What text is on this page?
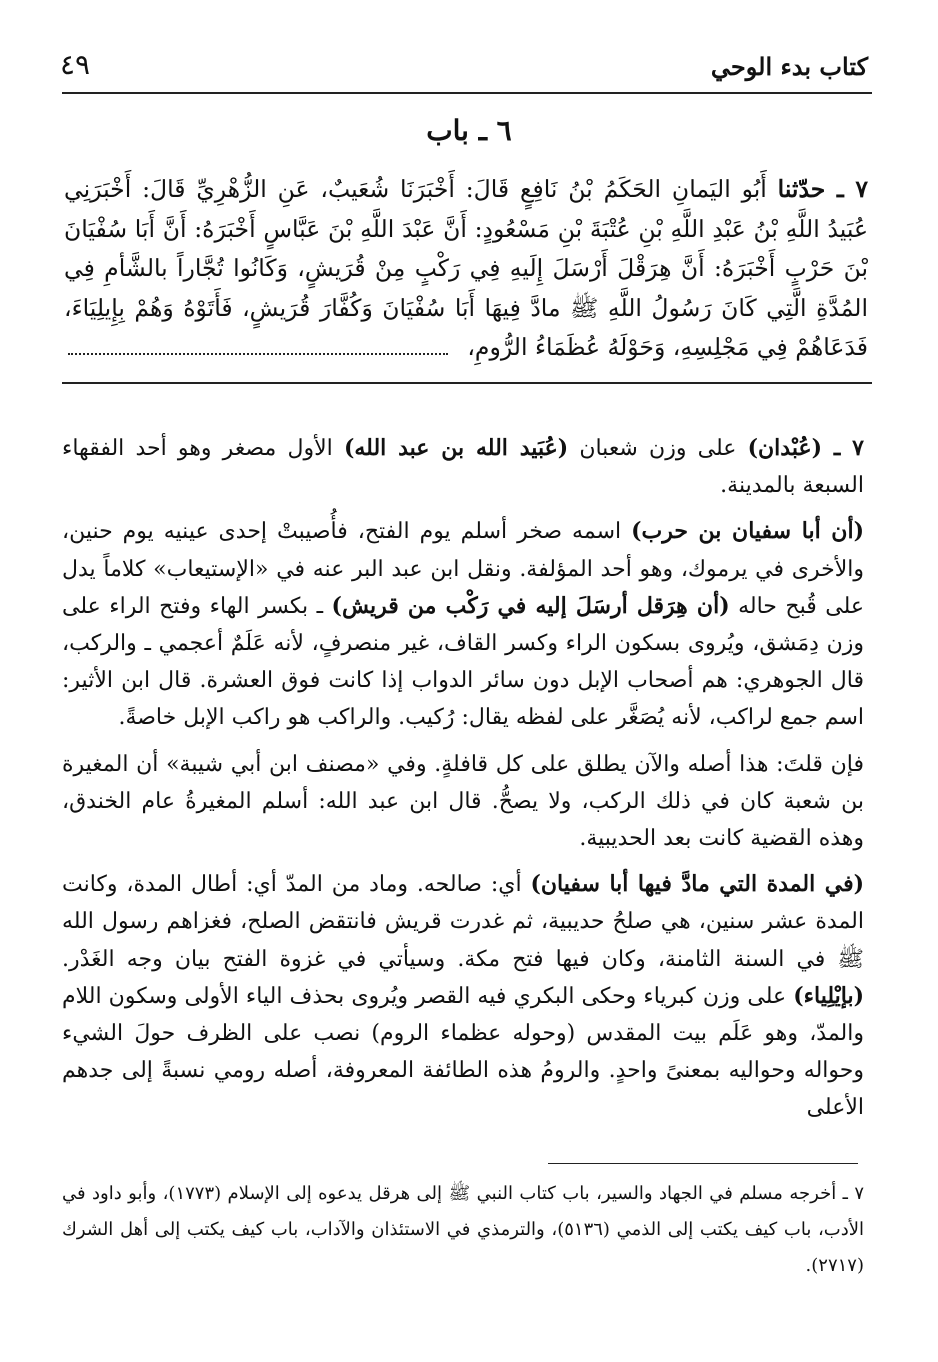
كتاب بدء الوحي
٤٩
٦ ـ باب
٧ ـ حدّثنا أَبُو اليَمانِ الحَكَمُ بْنُ نَافِعٍ قَالَ: أَخْبَرَنَا شُعَيبٌ، عَنِ الزُّهْرِيِّ قَالَ: أَخْبَرَنِي عُبَيدُ اللَّهِ بْنُ عَبْدِ اللَّهِ بْنِ عُتْبَةَ بْنِ مَسْعُودٍ: أَنَّ عَبْدَ اللَّهِ بْنَ عَبَّاسٍ أَخْبَرَهُ: أَنَّ أَبَا سُفْيَانَ بْنَ حَرْبٍ أَخْبَرَهُ: أَنَّ هِرَقْلَ أَرْسَلَ إِلَيهِ فِي رَكْبٍ مِنْ قُرَيشٍ، وَكَانُوا تُجَّاراً بالشَّأمِ فِي المُدَّةِ الَّتِي كَانَ رَسُولُ اللَّهِ ﷺ مادَّ فِيهَا أَبَا سُفْيَانَ وَكُفَّارَ قُرَيشٍ، فَأَتَوْهُ وَهُمْ بِإِيلِيَاءَ، فَدَعَاهُمْ فِي مَجْلِسِهِ، وَحَوْلَهُ عُظَمَاءُ الرُّومِ،

٧ ـ (عُبْدان) على وزن شعبان (عُبَيد الله بن عبد الله) الأول مصغر وهو أحد الفقهاء السبعة بالمدينة.

(أن أبا سفيان بن حرب) اسمه صخر أسلم يوم الفتح، فأُصيبتْ إحدى عينيه يوم حنين، والأخرى في يرموك، وهو أحد المؤلفة. ونقل ابن عبد البر عنه في «الإستيعاب» كلاماً يدل على قُبح حاله (أن هِرَقل أرسَلَ إليه في رَكْب من قريش) ـ بكسر الهاء وفتح الراء على وزن دِمَشق، ويُروى بسكون الراء وكسر القاف، غير منصرفٍ، لأنه عَلَمٌ أعجمي ـ والركب، قال الجوهري: هم أصحاب الإبل دون سائر الدواب إذا كانت فوق العشرة. قال ابن الأثير: اسم جمع لراكب، لأنه يُصَغَّر على لفظه يقال: رُكيب. والراكب هو راكب الإبل خاصةً.

فإن قلتَ: هذا أصله والآن يطلق على كل قافلةٍ. وفي «مصنف ابن أبي شيبة» أن المغيرة بن شعبة كان في ذلك الركب، ولا يصحُّ. قال ابن عبد الله: أسلم المغيرةُ عام الخندق، وهذه القضية كانت بعد الحديبية.

(في المدة التي مادَّ فيها أبا سفيان) أي: صالحه. وماد من المدّ أي: أطال المدة، وكانت المدة عشر سنين، هي صلحُ حديبية، ثم غدرت قريش فانتقض الصلح، فغزاهم رسول الله ﷺ في السنة الثامنة، وكان فيها فتح مكة. وسيأتي في غزوة الفتح بيان وجه الغَدْر. (بإيْلِياء) على وزن كبرياء وحكى البكري فيه القصر ويُروى بحذف الياء الأولى وسكون اللام والمدّ، وهو عَلَم بيت المقدس (وحوله عظماء الروم) نصب على الظرف حولَ الشيء وحواله وحواليه بمعنىً واحدٍ. والرومُ هذه الطائفة المعروفة، أصله رومي نسبةً إلى جدهم الأعلى

٧ ـ أخرجه مسلم في الجهاد والسير، باب كتاب النبي ﷺ إلى هرقل يدعوه إلى الإسلام (١٧٧٣)، وأبو داود في الأدب، باب كيف يكتب إلى الذمي (٥١٣٦)، والترمذي في الاستئذان والآداب، باب كيف يكتب إلى أهل الشرك (٢٧١٧).
